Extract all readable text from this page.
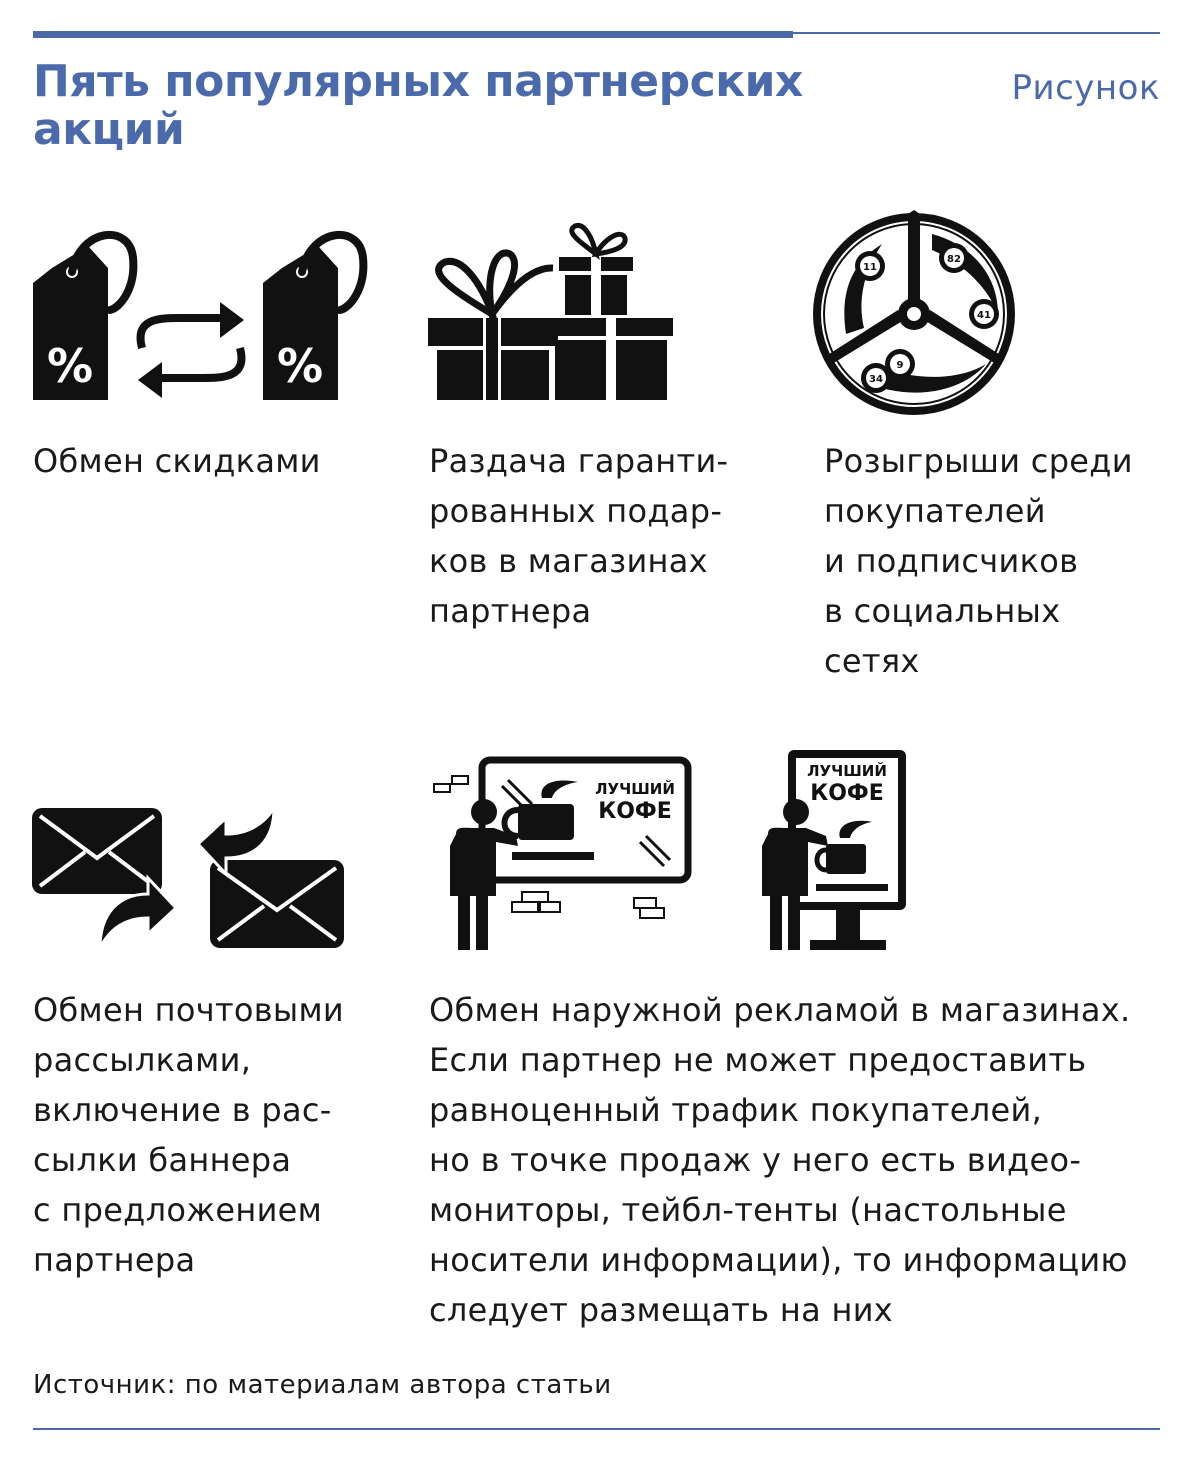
Пять популярных партнерских акций
Рисунок
%	%
11
82
41
9
34
Обмен скидками	Раздача гаранти-
рованных подар-
ков в магазинах
партнера
Розыгрыши среди
покупателей
и подписчиков
в социальных
сетях
ЛУЧШИЙ
КОФЕ
ЛУЧШИЙ
КОФЕ
Обмен почтовыми
рассылками,
включение в рас-
сылки баннера
с предложением
партнера
Обмен наружной рекламой в магазинах.
Если партнер не может предоставить
равноценный трафик покупателей,
но в точке продаж у него есть видео-
мониторы, тейбл-тенты (настольные
носители информации), то информацию
следует размещать на них
Источник: по материалам автора статьи
